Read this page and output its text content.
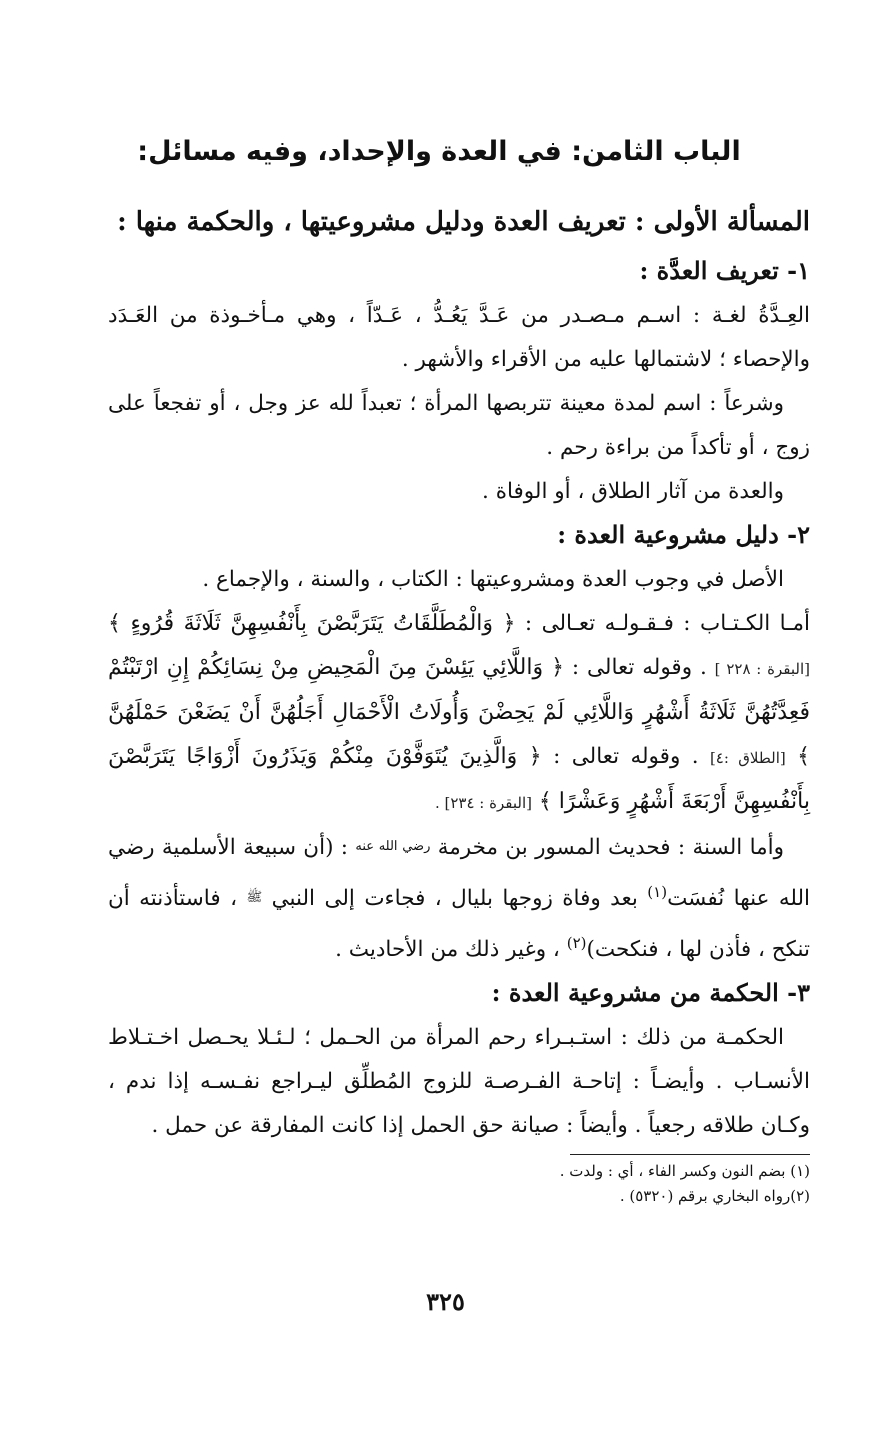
الباب الثامن: في العدة والإحداد، وفيه مسائل:
المسألة الأولى : تعريف العدة ودليل مشروعيتها ، والحكمة منها :
١- تعريف العدَّة :

العِـدَّةُ لغـة : اسـم مـصـدر من عَـدَّ يَعُـدُّ ، عَـدّاً ، وهي مـأخـوذة من العَـدَد والإحصاء ؛ لاشتمالها عليه من الأقراء والأشهر .

وشرعاً : اسم لمدة معينة تتربصها المرأة ؛ تعبداً لله عز وجل ، أو تفجعاً على زوج ، أو تأكداً من براءة رحم .

والعدة من آثار الطلاق ، أو الوفاة .

٢- دليل مشروعية العدة :

الأصل في وجوب العدة ومشروعيتها : الكتاب ، والسنة ، والإجماع .

أمـا الكـتـاب : فـقـولـه تعـالى : ﴿ وَالْمُطَلَّقَاتُ يَتَرَبَّصْنَ بِأَنْفُسِهِنَّ ثَلَاثَةَ قُرُوءٍ ﴾ [البقرة : ٢٢٨ ] . وقوله تعالى : ﴿ وَاللَّائِي يَئِسْنَ مِنَ الْمَحِيضِ مِنْ نِسَائِكُمْ إِنِ ارْتَبْتُمْ فَعِدَّتُهُنَّ ثَلَاثَةُ أَشْهُرٍ وَاللَّائِي لَمْ يَحِضْنَ وَأُولَاتُ الْأَحْمَالِ أَجَلُهُنَّ أَنْ يَضَعْنَ حَمْلَهُنَّ ﴾ [الطلاق :٤] . وقوله تعالى : ﴿ وَالَّذِينَ يُتَوَفَّوْنَ مِنْكُمْ وَيَذَرُونَ أَزْوَاجًا يَتَرَبَّصْنَ بِأَنْفُسِهِنَّ أَرْبَعَةَ أَشْهُرٍ وَعَشْرًا ﴾ [البقرة : ٢٣٤] .

وأما السنة : فحديث المسور بن مخرمة رضي الله عنه : (أن سبيعة الأسلمية رضي الله عنها نُفسَت$^{(١)}$ بعد وفاة زوجها بليال ، فجاءت إلى النبي ﷺ ، فاستأذنته أن تنكح ، فأذن لها ، فنكحت)$^{(٢)}$ ، وغير ذلك من الأحاديث .

٣- الحكمة من مشروعية العدة :

الحكمـة من ذلك : استـبـراء رحم المرأة من الحـمل ؛ لـئـلا يحـصل اخـتـلاط الأنسـاب . وأيضـاً : إتاحـة الفـرصـة للزوج المُطلِّق ليـراجع نفـسـه إذا ندم ، وكـان طلاقه رجعياً . وأيضاً : صيانة حق الحمل إذا كانت المفارقة عن حمل .

(١) بضم النون وكسر الفاء ، أي : ولدت .

(٢)رواه البخاري برقم (٥٣٢٠) .

٣٢٥
